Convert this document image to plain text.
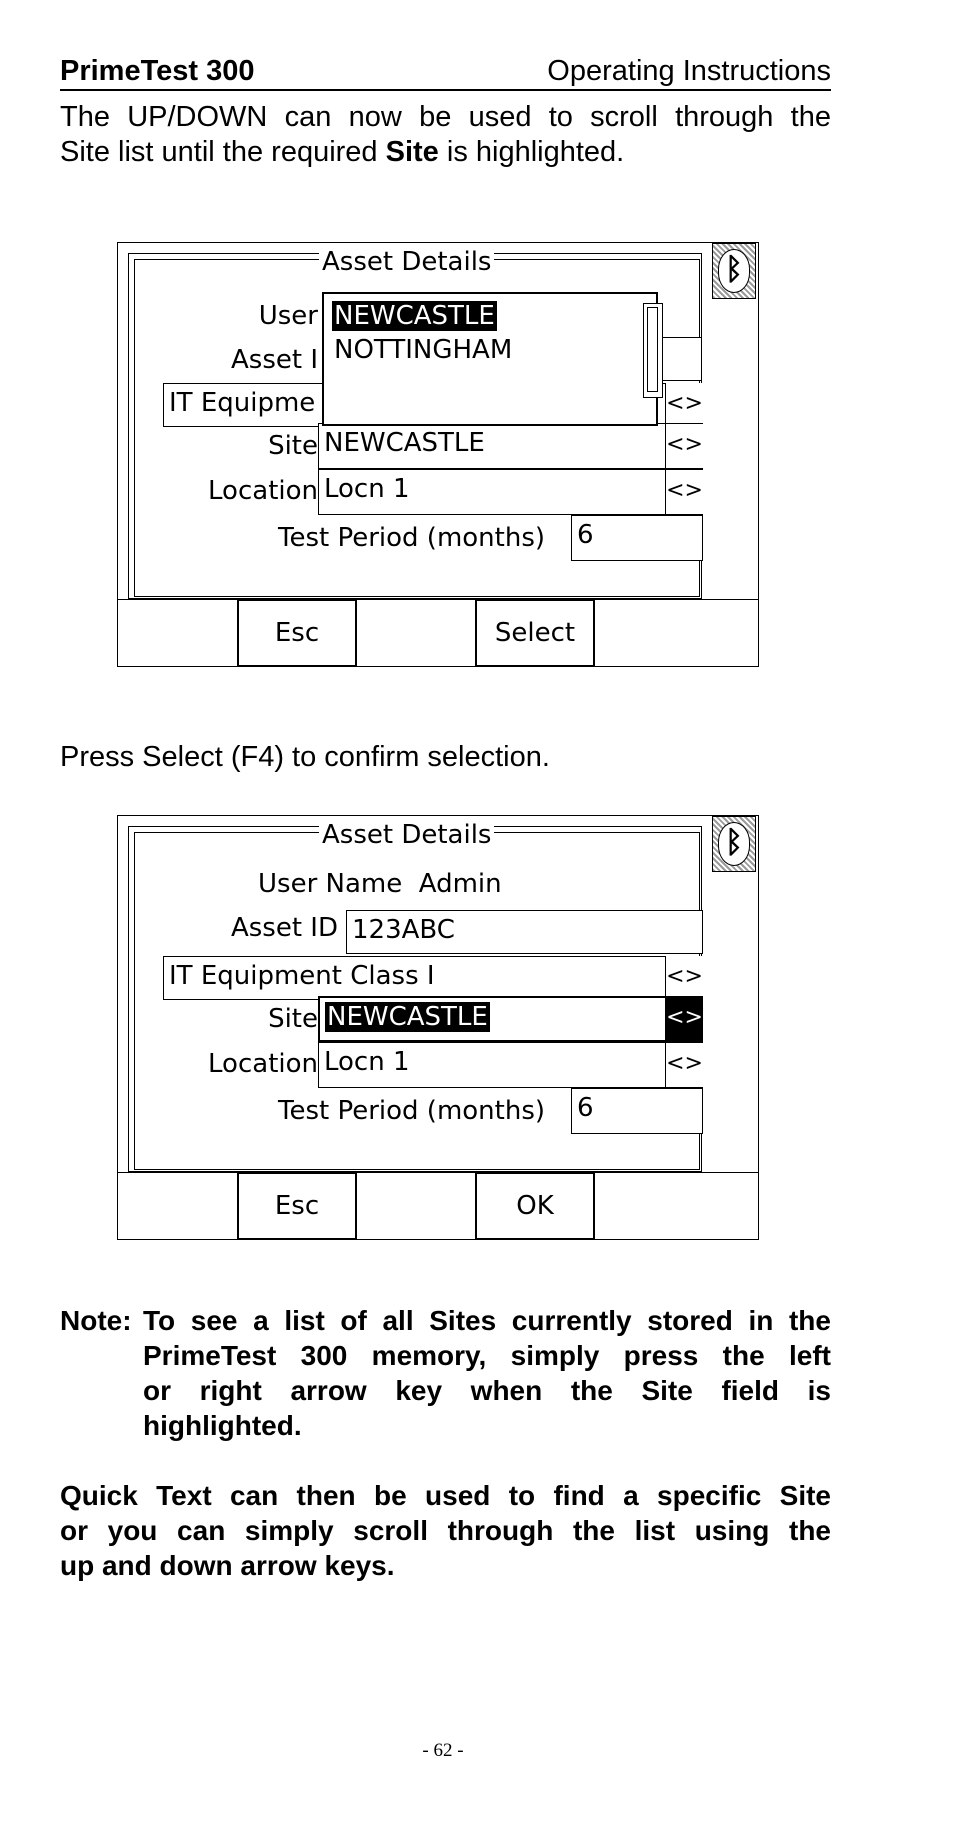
PrimeTest 300	Operating Instructions
The UP/DOWN can now be used to scroll through the
Site list until the required Site is highlighted.
Asset Details	ᛒ
User
Asset I
IT Equipme	<>
Site NEWCASTLE	<>
Location Locn 1	<>
Test Period (months) 6
NEWCASTLE
NOTTINGHAM
Esc	Select
Press Select (F4) to confirm selection.
Asset Details	ᛒ
User Name Admin
Asset ID 123ABC
IT Equipment Class I	<>
Site NEWCASTLE	<>
Location Locn 1	<>
Test Period (months) 6
Esc	OK
Note: To see a list of all Sites currently stored in the
PrimeTest 300 memory, simply press the left
or right arrow key when the Site field is
highlighted.
Quick Text can then be used to find a specific Site
or you can simply scroll through the list using the
up and down arrow keys.
- 62 -
